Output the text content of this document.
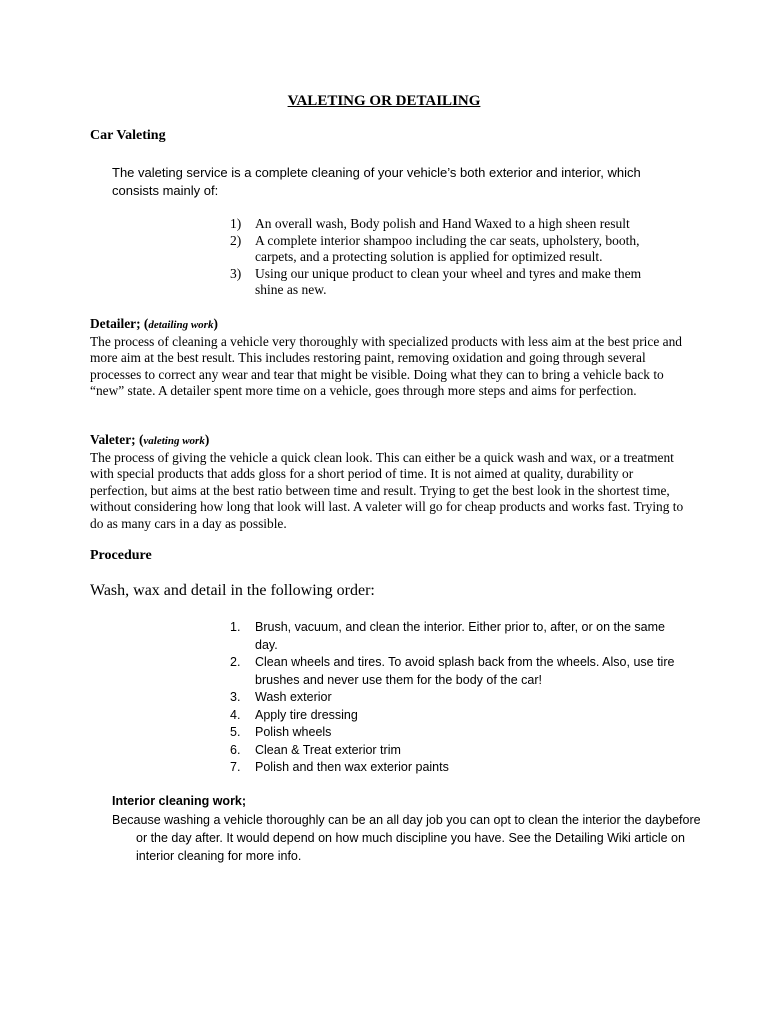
VALETING OR DETAILING
Car Valeting
The valeting service is a complete cleaning of your vehicle’s both exterior and interior, which consists mainly of:
1) An overall wash, Body polish and Hand Waxed to a high sheen result
2) A complete interior shampoo including the car seats, upholstery, booth, carpets, and a protecting solution is applied for optimized result.
3) Using our unique product to clean your wheel and tyres and make them shine as new.
Detailer; (detailing work)
The process of cleaning a vehicle very thoroughly with specialized products with less aim at the best price and more aim at the best result. This includes restoring paint, removing oxidation and going through several processes to correct any wear and tear that might be visible. Doing what they can to bring a vehicle back to “new” state. A detailer spent more time on a vehicle, goes through more steps and aims for perfection.
Valeter; (valeting work)
The process of giving the vehicle a quick clean look. This can either be a quick wash and wax, or a treatment with special products that adds gloss for a short period of time. It is not aimed at quality, durability or perfection, but aims at the best ratio between time and result. Trying to get the best look in the shortest time, without considering how long that look will last. A valeter will go for cheap products and works fast. Trying to do as many cars in a day as possible.
Procedure
Wash, wax and detail in the following order:
1. Brush, vacuum, and clean the interior. Either prior to, after, or on the same day.
2. Clean wheels and tires. To avoid splash back from the wheels. Also, use tire brushes and never use them for the body of the car!
3. Wash exterior
4. Apply tire dressing
5. Polish wheels
6. Clean & Treat exterior trim
7. Polish and then wax exterior paints
Interior cleaning work;
Because washing a vehicle thoroughly can be an all day job you can opt to clean the interior the daybefore or the day after. It would depend on how much discipline you have. See the Detailing Wiki article on interior cleaning for more info.
